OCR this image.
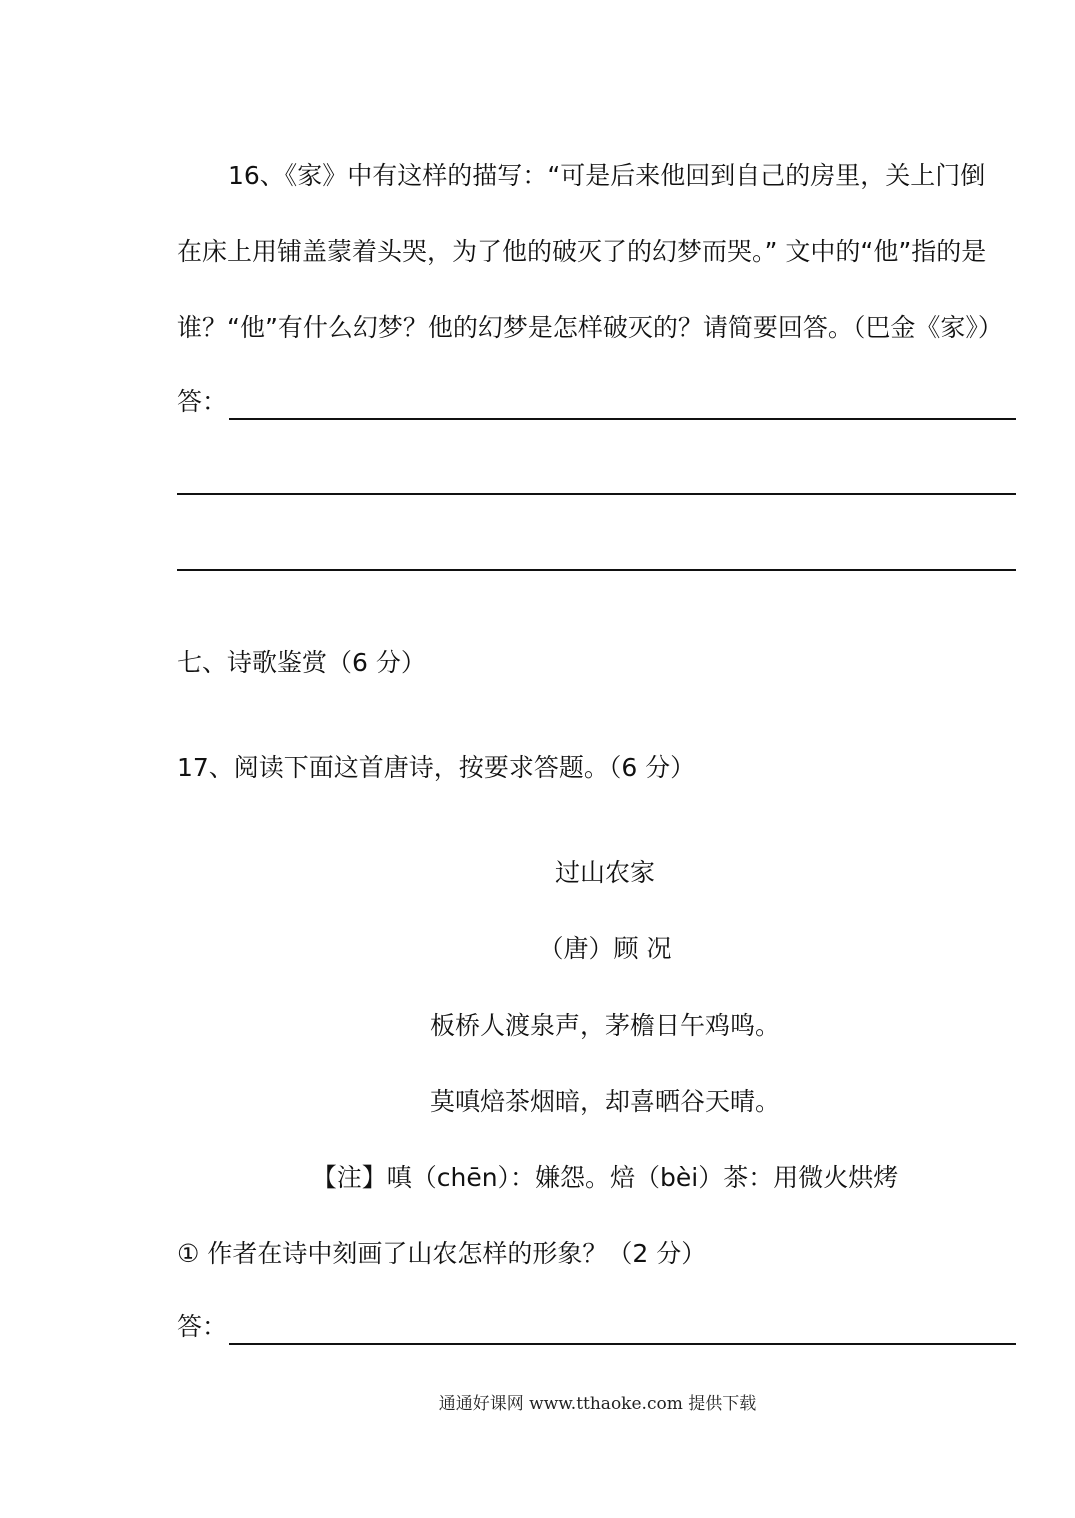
16、《家》中有这样的描写：“可是后来他回到自己的房里，关上门倒
在床上用铺盖蒙着头哭，为了他的破灭了的幻梦而哭。” 文中的“他”指的是
谁？“他”有什么幻梦？他的幻梦是怎样破灭的？请简要回答。（巴金《家》）
答：
七、诗歌鉴赏（6 分）
17、阅读下面这首唐诗，按要求答题。（6 分）
过山农家
（唐）顾 况
板桥人渡泉声，茅檐日午鸡鸣。
莫嗔焙茶烟暗，却喜晒谷天晴。
【注】嗔（chēn）：嫌怨。焙（bèi）茶：用微火烘烤
① 作者在诗中刻画了山农怎样的形象？（2 分）
答：
通通好课网 www.tthaoke.com 提供下载
